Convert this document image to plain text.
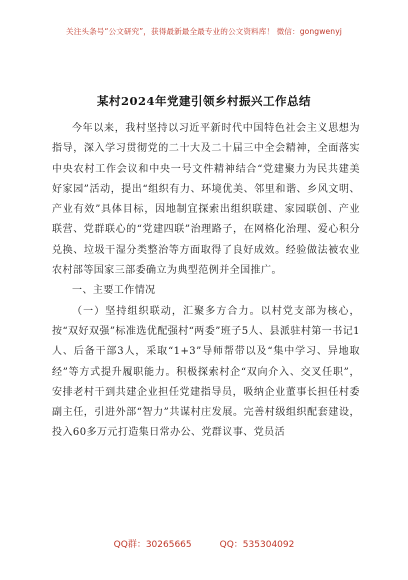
关注头条号“公文研究”，获得最新最全最专业的公文资料库！ 微信：gongwenyj
某村2024年党建引领乡村振兴工作总结

今年以来，我村坚持以习近平新时代中国特色社会主义思想为指导，深入学习贯彻党的二十大及二十届三中全会精神，全面落实中央农村工作会议和中央一号文件精神结合“党建聚力为民共建美好家园”活动，提出“组织有力、环境优美、邻里和谐、乡风文明、产业有效”具体目标，因地制宜探索出组织联建、家园联创、产业联营、党群联心的“党建四联”治理路子，在网格化治理、爱心积分兑换、垃圾干湿分类整治等方面取得了良好成效。经验做法被农业农村部等国家三部委确立为典型范例并全国推广。

一、主要工作情况

（一）坚持组织联动，汇聚多方合力。以村党支部为核心，按“双好双强”标准选优配强村“两委”班子5人、县派驻村第一书记1人、后备干部3人，采取“1+3”导师帮带以及“集中学习、异地取经”等方式提升履职能力。积极探索村企“双向介入、交叉任职”，安排老村干到共建企业担任党建指导员，吸纳企业董事长担任村委副主任，引进外部“智力”共谋村庄发展。完善村级组织配套建设，投入60多万元打造集日常办公、党群议事、党员活

QQ群：30265665	QQ：535304092
